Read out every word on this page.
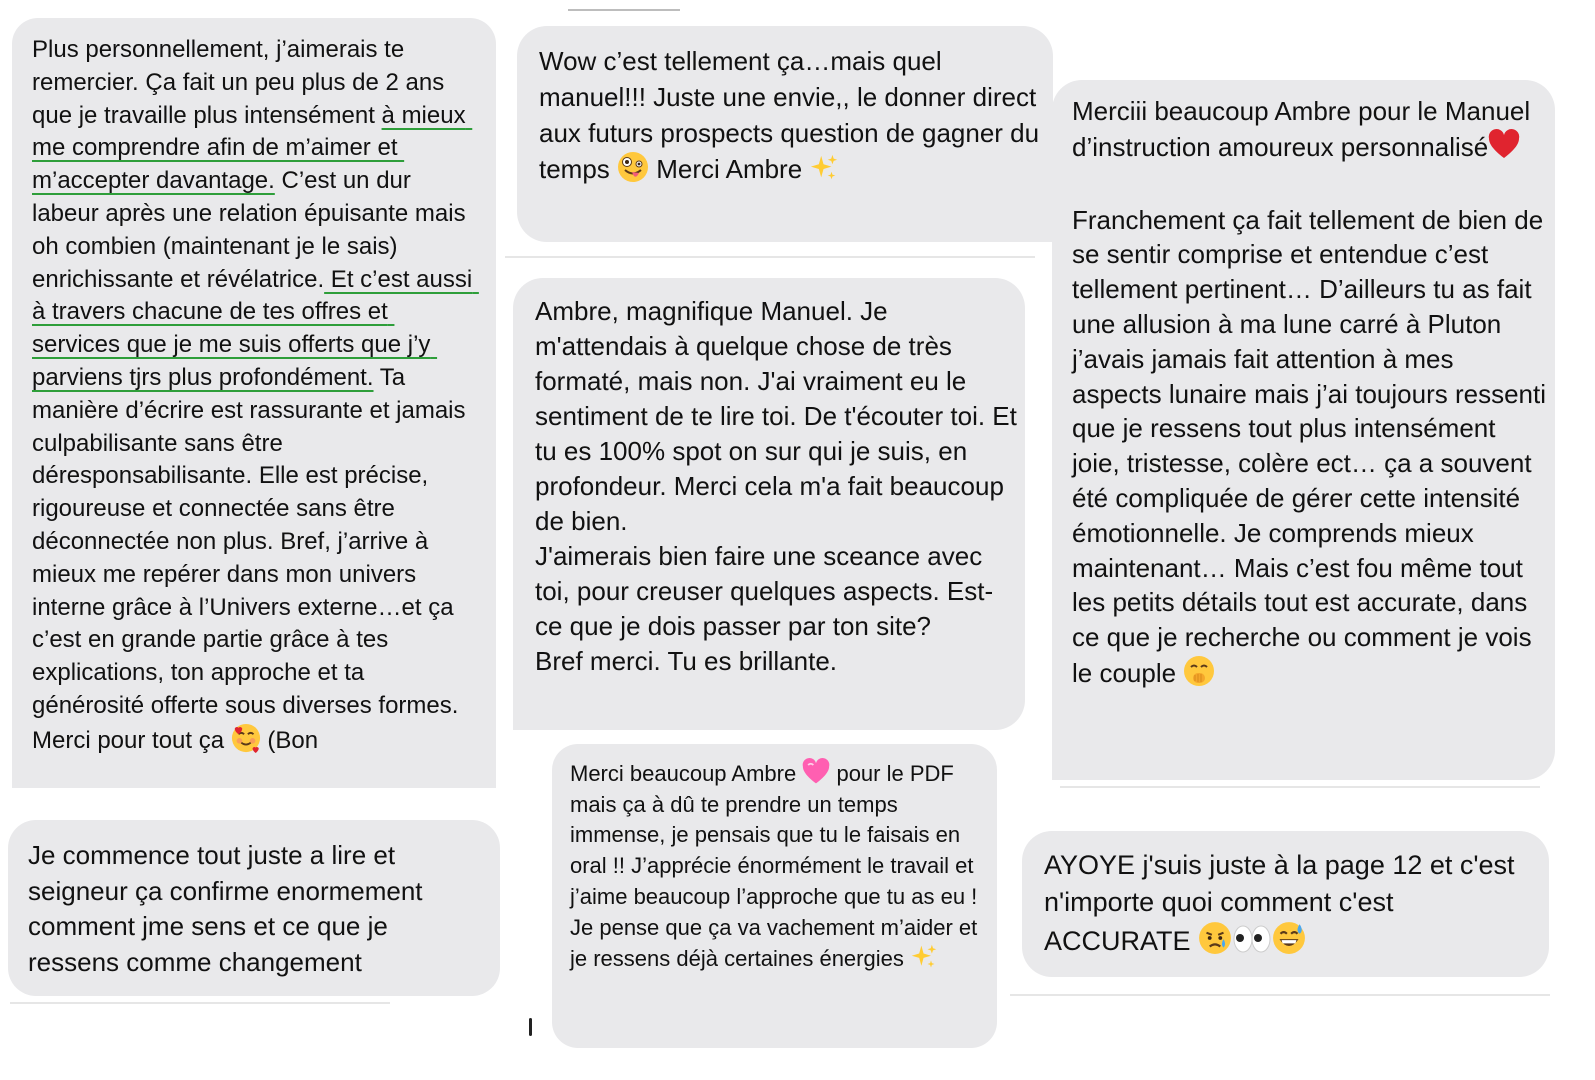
Plus personnellement, j’aimerais te remercier. Ça fait un peu plus de 2 ans que je travaille plus intensément à mieux me comprendre afin de m’aimer et m’accepter davantage. C’est un dur labeur après une relation épuisante mais oh combien (maintenant je le sais) enrichissante et révélatrice. Et c’est aussi à travers chacune de tes offres et services que je me suis offerts que j’y parviens tjrs plus profondément. Ta manière d’écrire est rassurante et jamais culpabilisante sans être déresponsabilisante. Elle est précise, rigoureuse et connectée sans être déconnectée non plus. Bref, j’arrive à mieux me repérer dans mon univers interne grâce à l’Univers externe…et ça c’est en grande partie grâce à tes explications, ton approche et ta générosité offerte sous diverses formes. Merci pour tout ça  (Bon

Je commence tout juste a lire et seigneur ça confirme enormement comment jme sens et ce que je ressens comme changement

Wow c’est tellement ça…mais quel manuel!!! Juste une envie,, le donner direct aux futurs prospects question de gagner du temps  Merci Ambre

Ambre, magnifique Manuel. Je m'attendais à quelque chose de très formaté, mais non. J'ai vraiment eu le sentiment de te lire toi. De t'écouter toi. Et tu es 100% spot on sur qui je suis, en profondeur. Merci cela m'a fait beaucoup de bien.
J'aimerais bien faire une sceance avec toi, pour creuser quelques aspects. Est-ce que je dois passer par ton site?
Bref merci. Tu es brillante.

Merci beaucoup Ambre  pour le PDF mais ça à dû te prendre un temps immense, je pensais que tu le faisais en oral !! J’apprécie énormément le travail et j’aime beaucoup l’approche que tu as eu ! Je pense que ça va vachement m’aider et je ressens déjà certaines énergies

Merciii beaucoup Ambre pour le Manuel d’instruction amoureux personnalisé

Franchement ça fait tellement de bien de se sentir comprise et entendue c’est tellement pertinent… D’ailleurs tu as fait une allusion à ma lune carré à Pluton j’avais jamais fait attention à mes aspects lunaire mais j’ai toujours ressenti que je ressens tout plus intensément joie, tristesse, colère ect… ça a souvent été compliquée de gérer cette intensité émotionnelle. Je comprends mieux maintenant… Mais c’est fou même tout les petits détails tout est accurate, dans ce que je recherche ou comment je vois le couple

AYOYE j'suis juste à la page 12 et c'est n'importe quoi comment c'est ACCURATE
